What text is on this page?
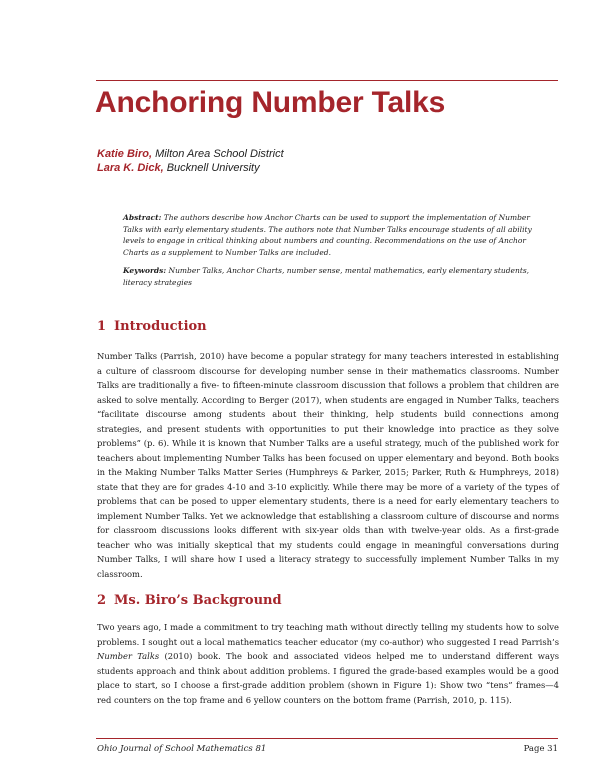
Anchoring Number Talks
Katie Biro, Milton Area School District
Lara K. Dick, Bucknell University

Abstract: The authors describe how Anchor Charts can be used to support the implementation of Number Talks with early elementary students. The authors note that Number Talks encourage students of all ability levels to engage in critical thinking about numbers and counting. Recommendations on the use of Anchor Charts as a supplement to Number Talks are included.

Keywords: Number Talks, Anchor Charts, number sense, mental mathematics, early elementary students, literacy strategies

1 Introduction

Number Talks (Parrish, 2010) have become a popular strategy for many teachers interested in establishing a culture of classroom discourse for developing number sense in their mathematics classrooms. Number Talks are traditionally a five- to fifteen-minute classroom discussion that follows a problem that children are asked to solve mentally. According to Berger (2017), when students are engaged in Number Talks, teachers “facilitate discourse among students about their thinking, help students build connections among strategies, and present students with opportunities to put their knowledge into practice as they solve problems” (p. 6). While it is known that Number Talks are a useful strategy, much of the published work for teachers about implementing Number Talks has been focused on upper elementary and beyond. Both books in the Making Number Talks Matter Series (Humphreys & Parker, 2015; Parker, Ruth & Humphreys, 2018) state that they are for grades 4-10 and 3-10 explicitly. While there may be more of a variety of the types of problems that can be posed to upper elementary students, there is a need for early elementary teachers to implement Number Talks. Yet we acknowledge that establishing a classroom culture of discourse and norms for classroom discussions looks different with six-year olds than with twelve-year olds. As a first-grade teacher who was initially skeptical that my students could engage in meaningful conversations during Number Talks, I will share how I used a literacy strategy to successfully implement Number Talks in my classroom.

2 Ms. Biro’s Background

Two years ago, I made a commitment to try teaching math without directly telling my students how to solve problems. I sought out a local mathematics teacher educator (my co-author) who suggested I read Parrish’s Number Talks (2010) book. The book and associated videos helped me to understand different ways students approach and think about addition problems. I figured the grade-based examples would be a good place to start, so I choose a first-grade addition problem (shown in Figure 1): Show two “tens” frames—4 red counters on the top frame and 6 yellow counters on the bottom frame (Parrish, 2010, p. 115).

Ohio Journal of School Mathematics 81	Page 31
